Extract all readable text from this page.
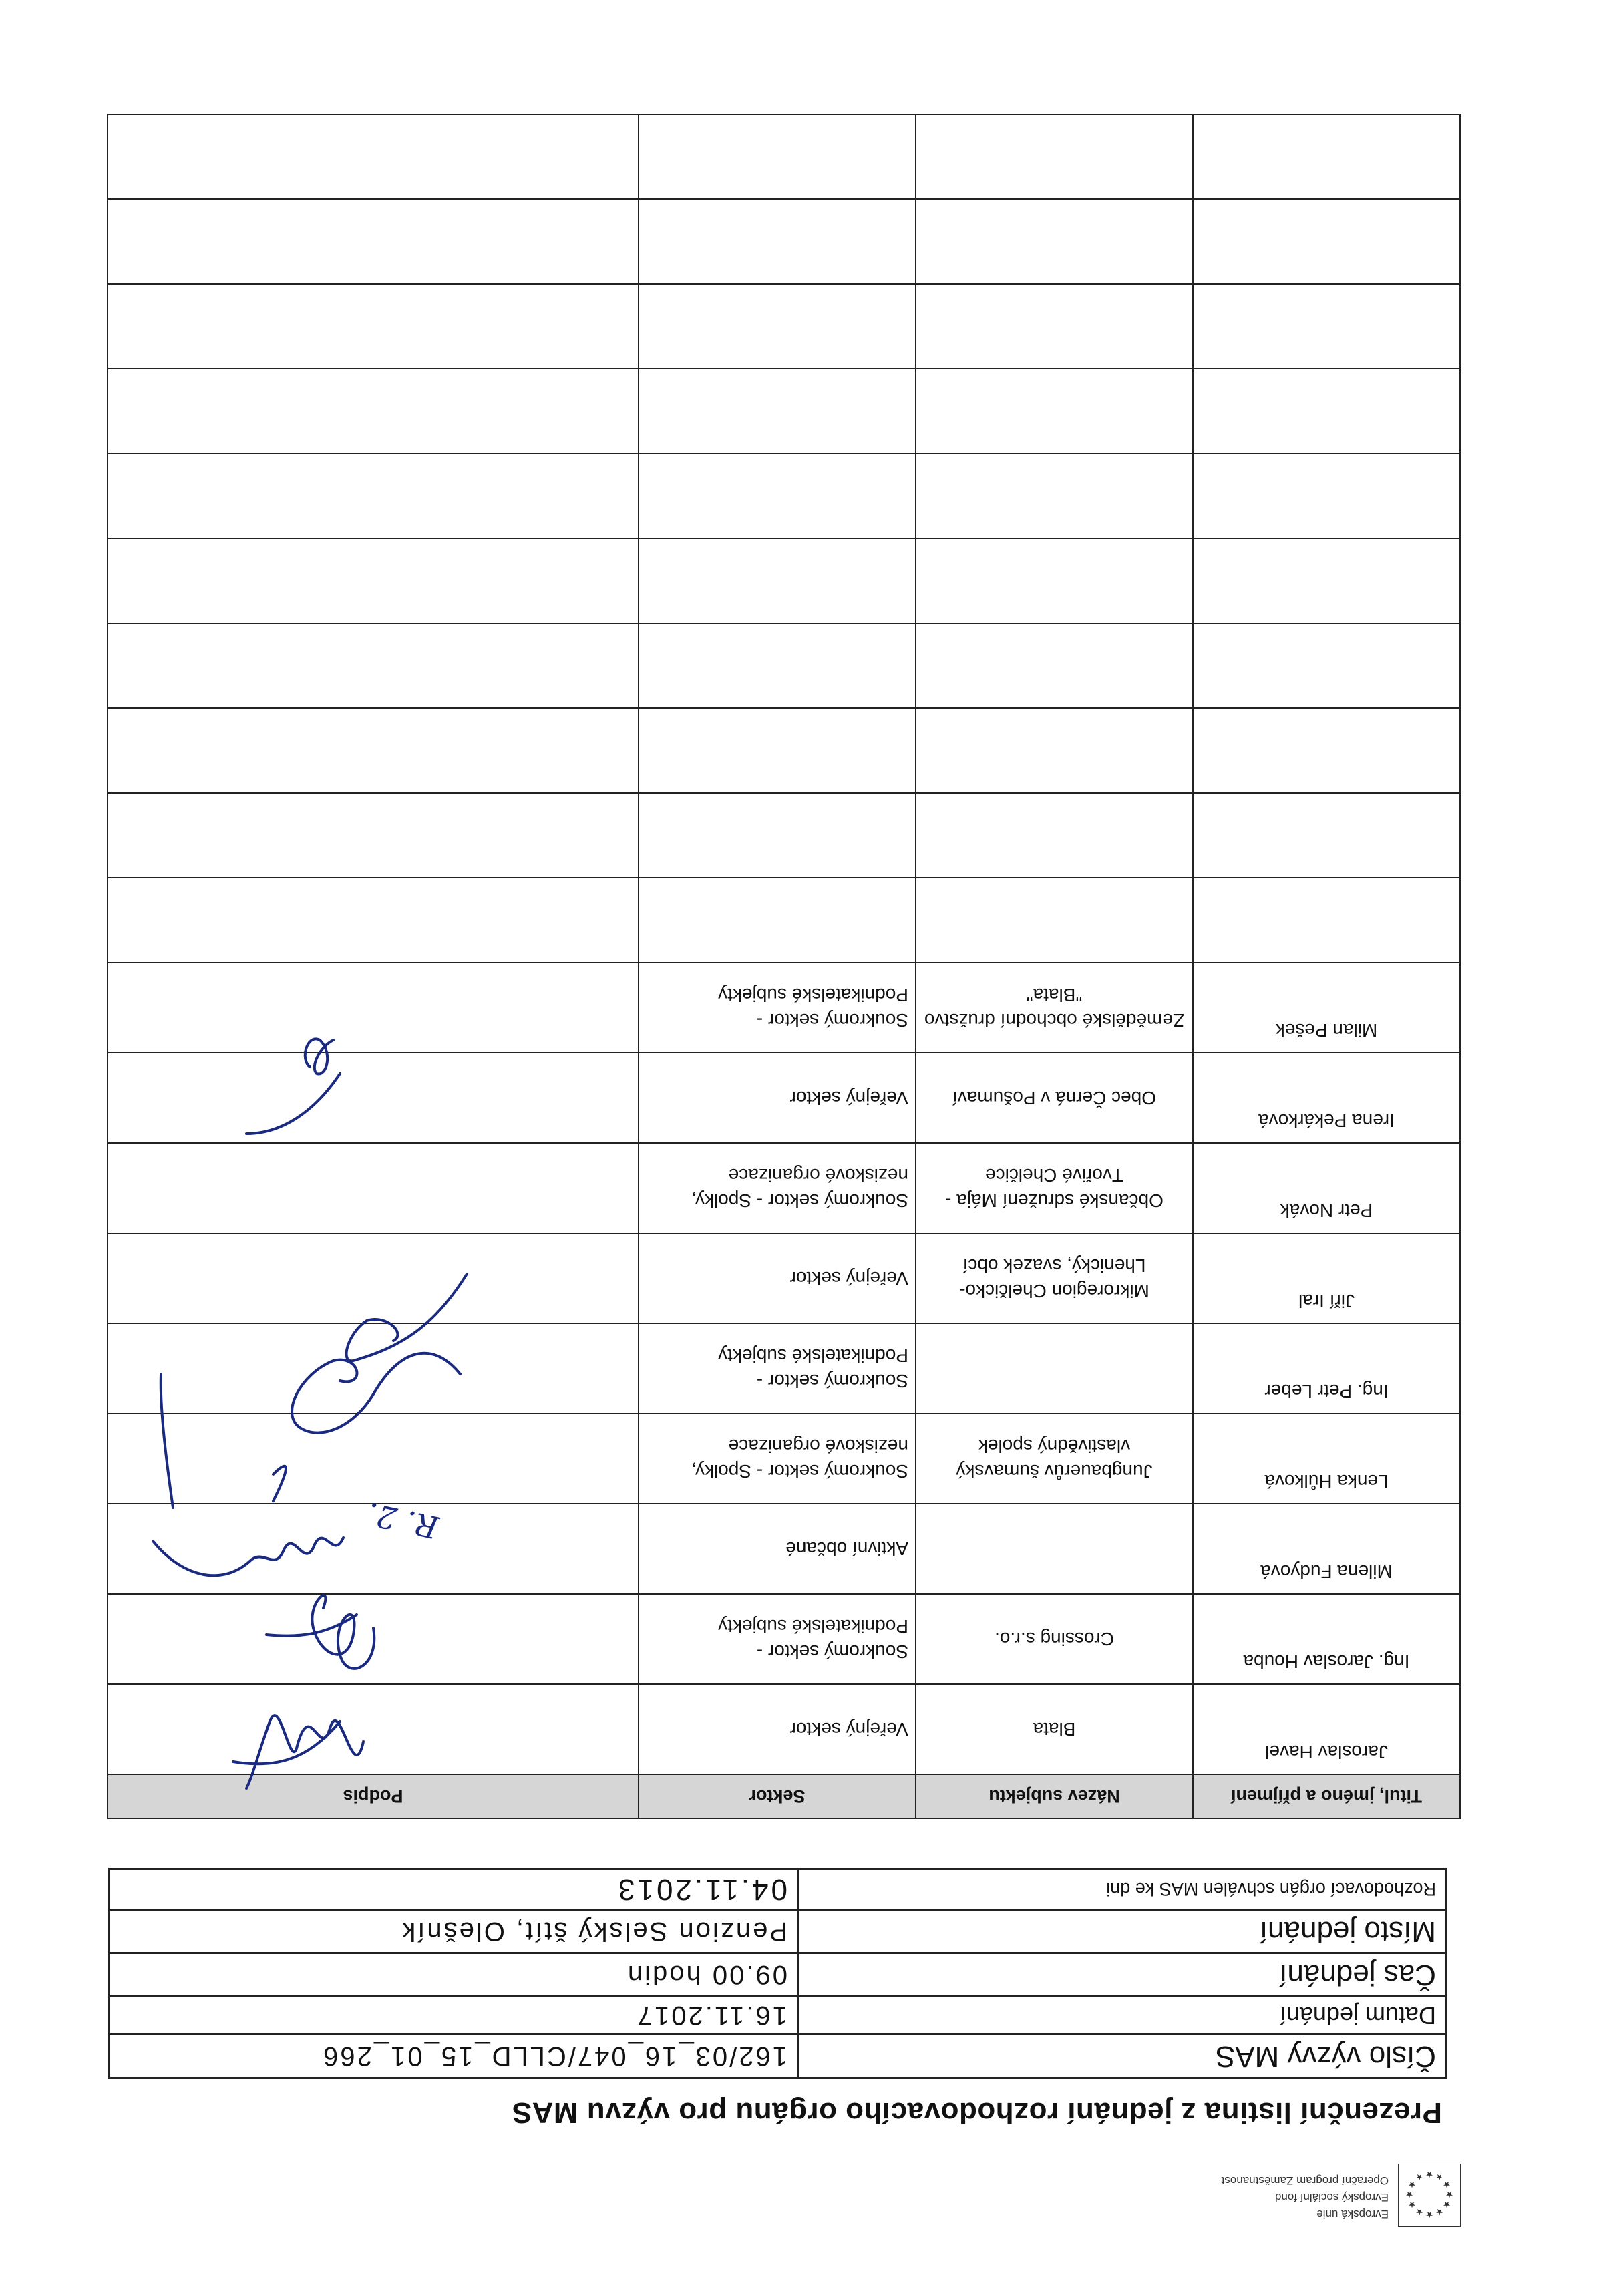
★
★
★ ★ ★
★
★
★
★
★
★
★
Evropská unie
Evropský sociální fond
Operační program Zaměstnanost
Prezenční listina z jednání rozhodovacího orgánu pro výzvu MAS
Číslo výzvy MAS	162/03_16_047/CLLD_15_01_266
Datum jednání	16.11.2017
Čas jednání	09.00 hodin
Místo jednání	Penzion Selský štít, Olešník
Rozhodovací orgán schválen MAS ke dni	04.11.2013
Titul, jméno a příjmení	Název subjektu	Sektor	Podpis
Jaroslav Havel	Blata	Veřejný sektor	
Ing. Jaroslav Houba	Crossing s.r.o.	Soukromý sektor - Podnikatelské subjekty	
Milena Fudyová		Aktivní občané	
Lenka Hůlková	Jungbauerův šumavský vlastivědný spolek	Soukromý sektor - Spolky, neziskové organizace	
Ing. Petr Leber		Soukromý sektor - Podnikatelské subjekty	
Jiří Iral	Mikroregion Chelčicko-Lhenický, svazek obcí	Veřejný sektor	
Petr Novák	Občanské sdružení Mája - Tvořivé Chelčice	Soukromý sektor - Spolky, neziskové organizace	
Irena Pekárková	Obec Černá v Pošumaví	Veřejný sektor	
Milan Pešek	Zemědělské obchodní družstvo "Blata"	Soukromý sektor - Podnikatelské subjekty	

R. 2.
